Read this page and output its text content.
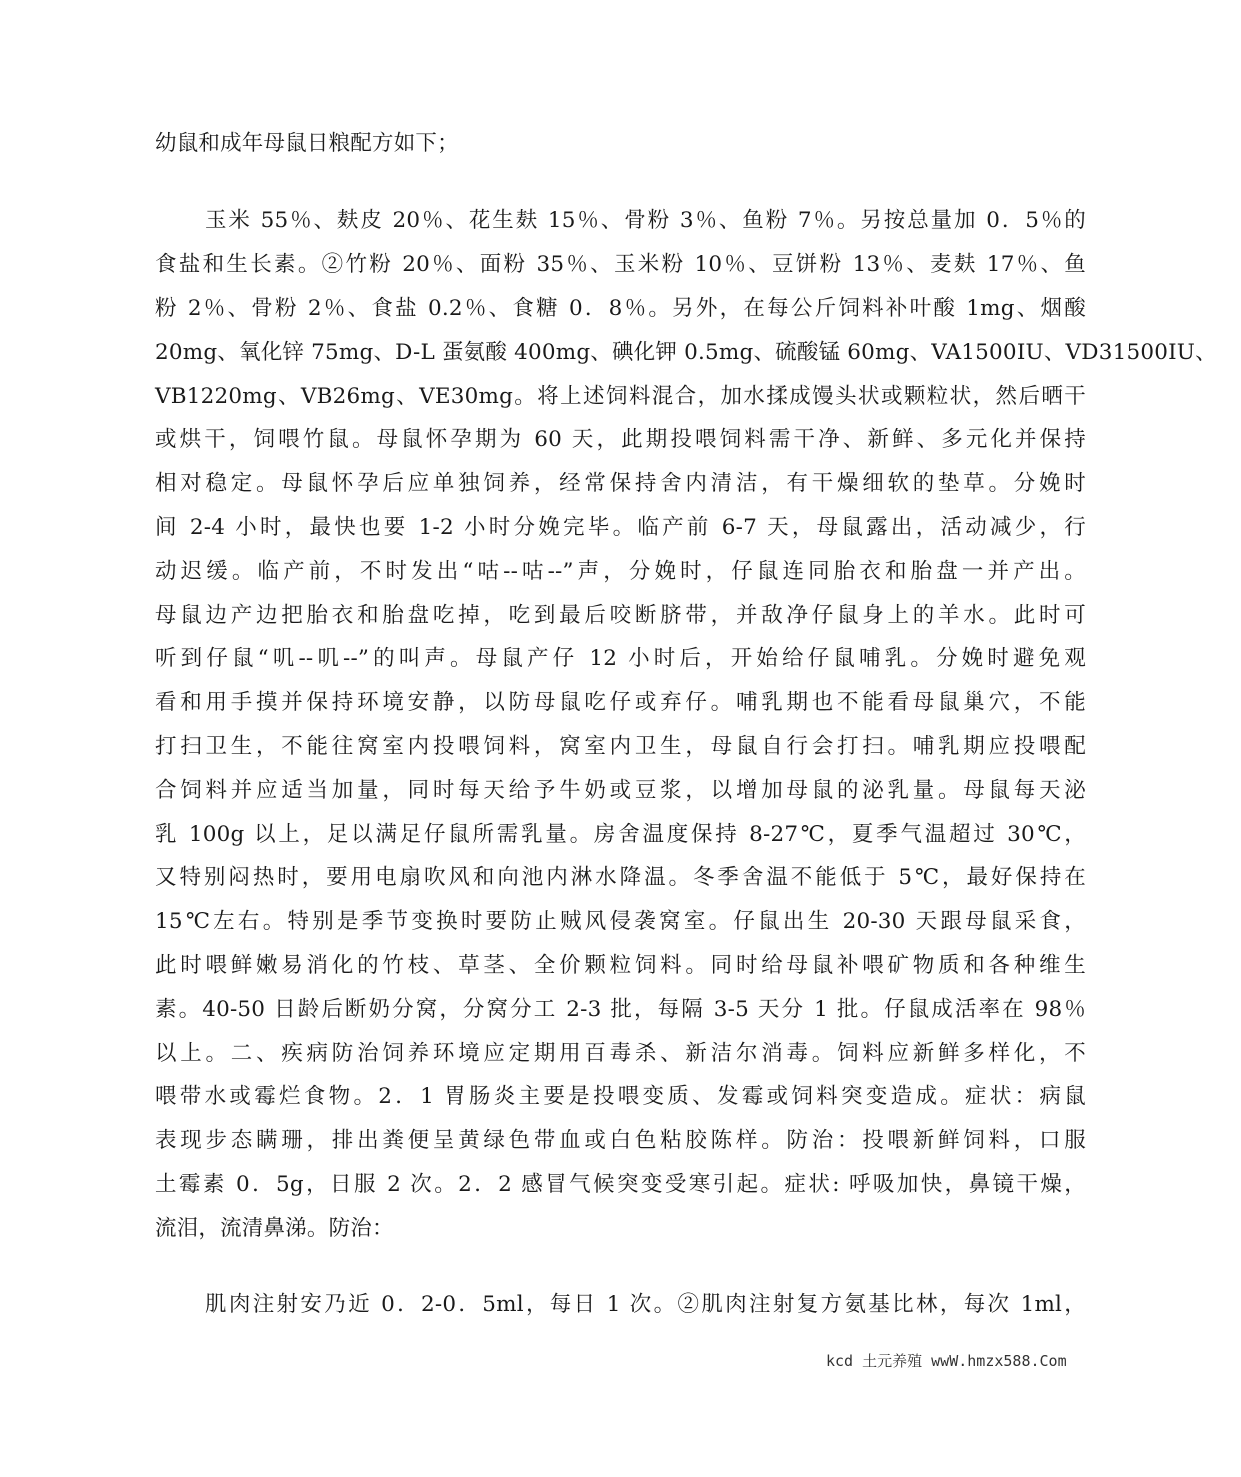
幼鼠和成年母鼠日粮配方如下；
玉米 55％、麸皮 20％、花生麸 15％、骨粉 3％、鱼粉 7％。另按总量加 0．5％的
食盐和生长素。②竹粉 20％、面粉 35％、玉米粉 10％、豆饼粉 13％、麦麸 17％、鱼
粉 2％、骨粉 2％、食盐 0.2％、食糖 0．8％。另外，在每公斤饲料补叶酸 1mg、烟酸
20mg、氧化锌 75mg、D-L 蛋氨酸 400mg、碘化钾 0.5mg、硫酸锰 60mg、VA1500IU、VD31500IU、
VB1220mg、VB26mg、VE30mg。将上述饲料混合，加水揉成馒头状或颗粒状，然后晒干
或烘干，饲喂竹鼠。母鼠怀孕期为 60 天，此期投喂饲料需干净、新鲜、多元化并保持
相对稳定。母鼠怀孕后应单独饲养，经常保持舍内清洁，有干燥细软的垫草。分娩时
间 2-4 小时，最快也要 1-2 小时分娩完毕。临产前 6-7 天，母鼠露出，活动减少，行
动迟缓。临产前，不时发出“咕--咕--”声，分娩时，仔鼠连同胎衣和胎盘一并产出。
母鼠边产边把胎衣和胎盘吃掉，吃到最后咬断脐带，并敌净仔鼠身上的羊水。此时可
听到仔鼠“叽--叽--”的叫声。母鼠产仔 12 小时后，开始给仔鼠哺乳。分娩时避免观
看和用手摸并保持环境安静，以防母鼠吃仔或弃仔。哺乳期也不能看母鼠巢穴，不能
打扫卫生，不能往窝室内投喂饲料，窝室内卫生，母鼠自行会打扫。哺乳期应投喂配
合饲料并应适当加量，同时每天给予牛奶或豆浆，以增加母鼠的泌乳量。母鼠每天泌
乳 100g 以上，足以满足仔鼠所需乳量。房舍温度保持 8-27℃，夏季气温超过 30℃，
又特别闷热时，要用电扇吹风和向池内淋水降温。冬季舍温不能低于 5℃，最好保持在
15℃左右。特别是季节变换时要防止贼风侵袭窝室。仔鼠出生 20-30 天跟母鼠采食，
此时喂鲜嫩易消化的竹枝、草茎、全价颗粒饲料。同时给母鼠补喂矿物质和各种维生
素。40-50 日龄后断奶分窝，分窝分工 2-3 批，每隔 3-5 天分 1 批。仔鼠成活率在 98％
以上。二、疾病防治饲养环境应定期用百毒杀、新洁尔消毒。饲料应新鲜多样化，不
喂带水或霉烂食物。2．1 胃肠炎主要是投喂变质、发霉或饲料突变造成。症状：病鼠
表现步态瞒珊，排出粪便呈黄绿色带血或白色粘胶陈样。防治：投喂新鲜饲料，口服
土霉素 0．5g，日服 2 次。2．2 感冒气候突变受寒引起。症状: 呼吸加快，鼻镜干燥，
流泪，流清鼻涕。防治：
肌肉注射安乃近 0．2-0．5ml，每日 1 次。②肌肉注射复方氨基比林，每次 1ml，
kcd 土元养殖 wwW.hmzx588.Com
